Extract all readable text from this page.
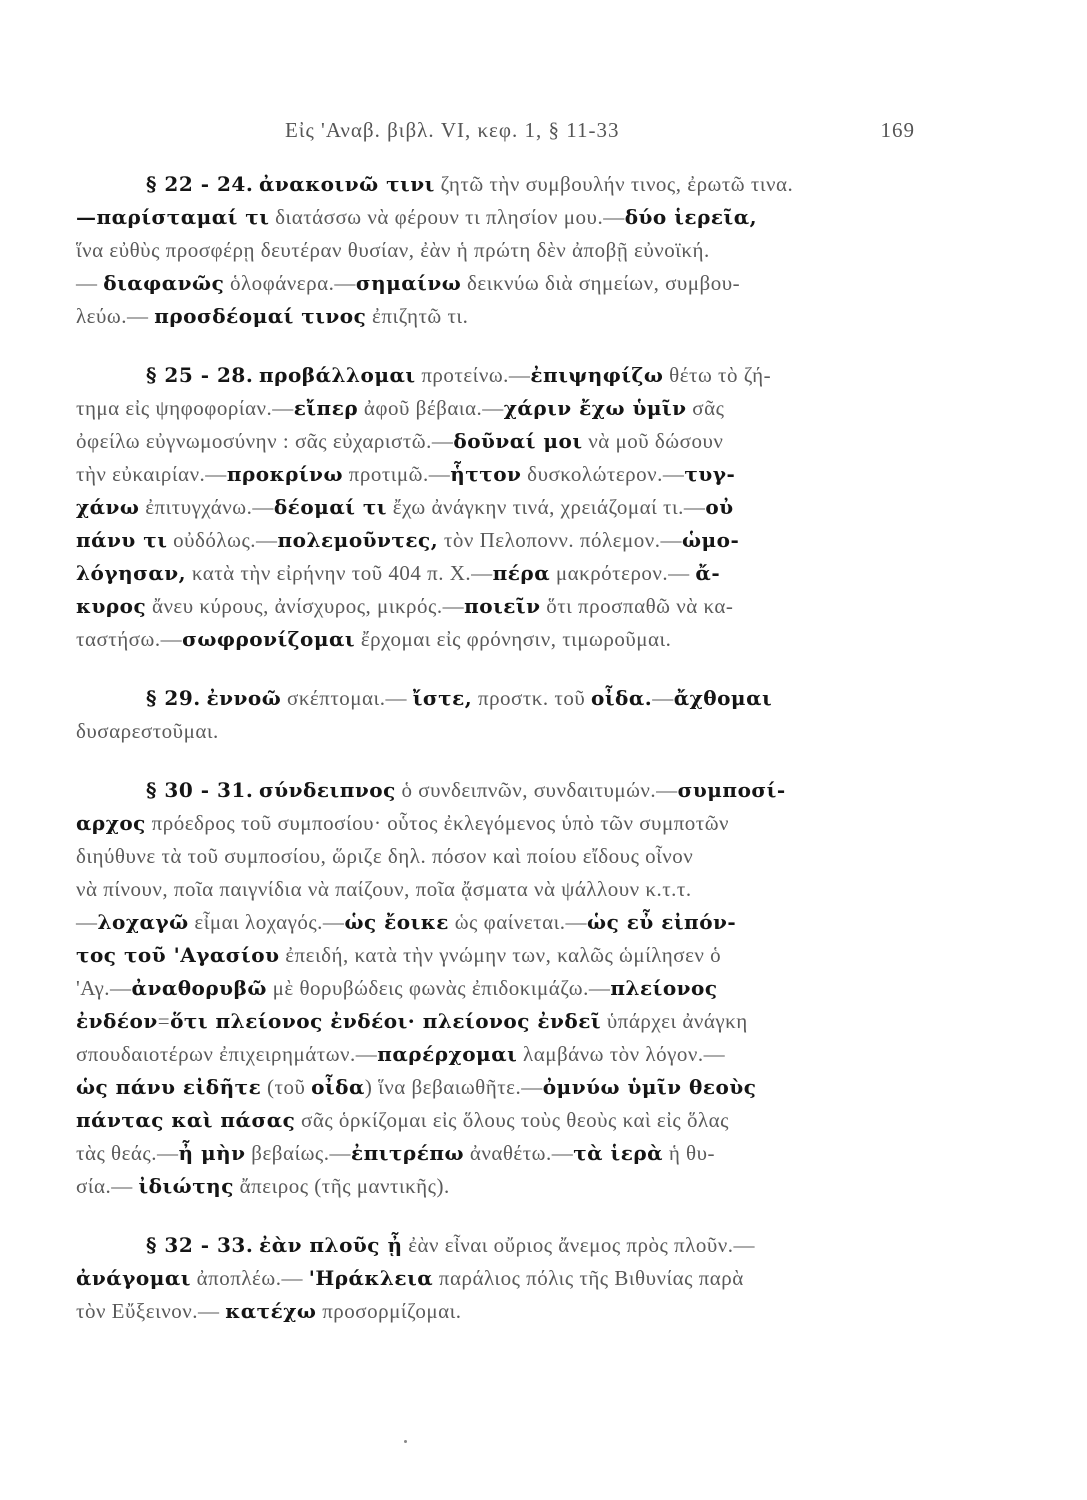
Εἰς 'Αναβ. βιβλ. VI, κεφ. 1, § 11-33	169
§ 22 - 24. ἀνακοινῶ τινι ζητῶ τὴν συμβουλήν τινος, ἐρωτῶ τινα.
—παρίσταμαί τι διατάσσω νὰ φέρουν τι πλησίον μου.—δύο ἱερεῖα,
ἵνα εὐθὺς προσφέρῃ δευτέραν θυσίαν, ἐὰν ἡ πρώτη δὲν ἀποβῇ εὐνοϊκή.
— διαφανῶς ὁλοφάνερα.—σημαίνω δεικνύω διὰ σημείων, συμβου-
λεύω.— προσδέομαί τινος ἐπιζητῶ τι.
§ 25 - 28. προβάλλομαι προτείνω.—ἐπιψηφίζω θέτω τὸ ζή-
τημα εἰς ψηφοφορίαν.—εἴπερ ἀφοῦ βέβαια.—χάριν ἔχω ὑμῖν σᾶς
ὀφείλω εὐγνωμοσύνην : σᾶς εὐχαριστῶ.—δοῦναί μοι νὰ μοῦ δώσουν
τὴν εὐκαιρίαν.—προκρίνω προτιμῶ.—ἧττον δυσκολώτερον.—τυγ-
χάνω ἐπιτυγχάνω.—δέομαί τι ἔχω ἀνάγκην τινά, χρειάζομαί τι.—οὐ
πάνυ τι οὐδόλως.—πολεμοῦντες, τὸν Πελοπονν. πόλεμον.—ὡμο-
λόγησαν, κατὰ τὴν εἰρήνην τοῦ 404 π. Χ.—πέρα μακρότερον.— ἄ-
κυρος ἄνευ κύρους, ἀνίσχυρος, μικρός.—ποιεῖν ὅτι προσπαθῶ νὰ κα-
ταστήσω.—σωφρονίζομαι ἔρχομαι εἰς φρόνησιν, τιμωροῦμαι.
§ 29. ἐννοῶ σκέπτομαι.— ἴστε, προστκ. τοῦ οἶδα.—ἄχθομαι
δυσαρεστοῦμαι.
§ 30 - 31. σύνδειπνος ὁ συνδειπνῶν, συνδαιτυμών.—συμποσί-
αρχος πρόεδρος τοῦ συμποσίου· οὗτος ἐκλεγόμενος ὑπὸ τῶν συμποτῶν
διηύθυνε τὰ τοῦ συμποσίου, ὥριζε δηλ. πόσον καὶ ποίου εἴδους οἶνον
νὰ πίνουν, ποῖα παιγνίδια νὰ παίζουν, ποῖα ᾄσματα νὰ ψάλλουν κ.τ.τ.
—λοχαγῶ εἶμαι λοχαγός.—ὡς ἔοικε ὡς φαίνεται.—ὡς εὖ εἰπόν-
τος τοῦ 'Αγασίου ἐπειδή, κατὰ τὴν γνώμην των, καλῶς ὡμίλησεν ὁ
'Αγ.—ἀναθορυβῶ μὲ θορυβώδεις φωνὰς ἐπιδοκιμάζω.—πλείονος
ἐνδέον=ὅτι πλείονος ἐνδέοι· πλείονος ἐνδεῖ ὑπάρχει ἀνάγκη
σπουδαιοτέρων ἐπιχειρημάτων.—παρέρχομαι λαμβάνω τὸν λόγον.—
ὡς πάνυ εἰδῆτε (τοῦ οἶδα) ἵνα βεβαιωθῆτε.—ὀμνύω ὑμῖν θεοὺς
πάντας καὶ πάσας σᾶς ὁρκίζομαι εἰς ὅλους τοὺς θεοὺς καὶ εἰς ὅλας
τὰς θεάς.—ἦ μὴν βεβαίως.—ἐπιτρέπω ἀναθέτω.—τὰ ἱερὰ ἡ θυ-
σία.— ἰδιώτης ἄπειρος (τῆς μαντικῆς).
§ 32 - 33. ἐὰν πλοῦς ᾖ ἐὰν εἶναι οὔριος ἄνεμος πρὸς πλοῦν.—
ἀνάγομαι ἀποπλέω.— 'Ηράκλεια παράλιος πόλις τῆς Βιθυνίας παρὰ
τὸν Εὔξεινον.— κατέχω προσορμίζομαι.
